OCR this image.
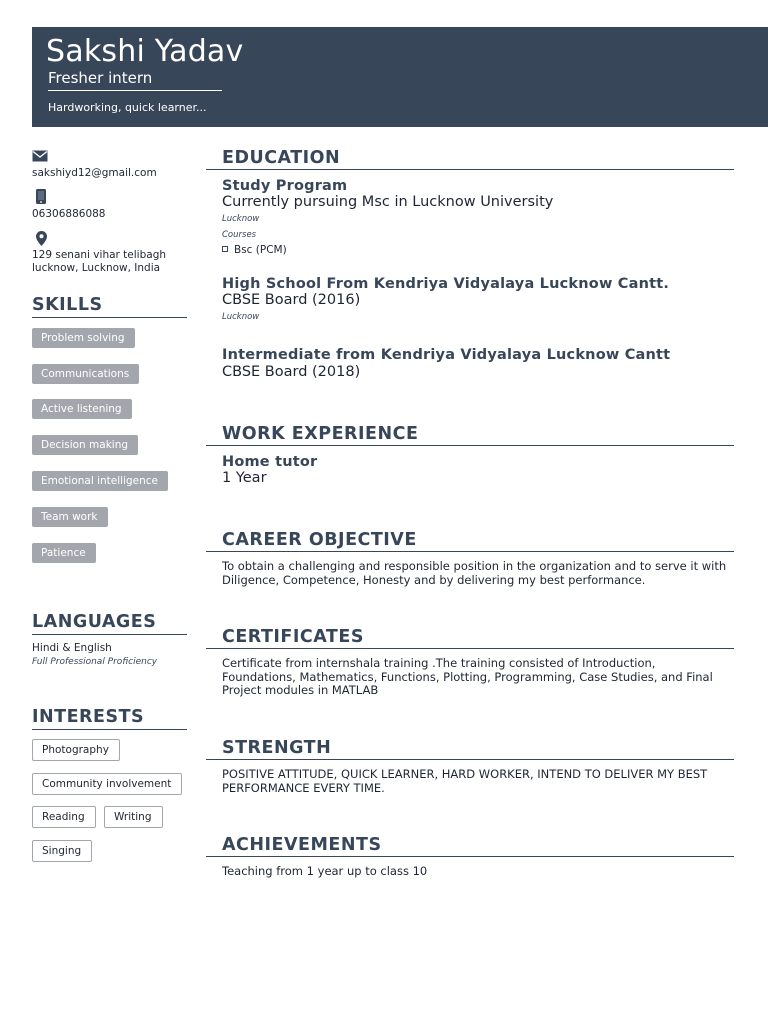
Sakshi Yadav
Fresher intern
Hardworking, quick learner...
sakshiyd12@gmail.com
06306886088
129 senani vihar telibagh
lucknow, Lucknow, India
SKILLS
Problem solving
Communications
Active listening
Decision making
Emotional intelligence
Team work
Patience
LANGUAGES
Hindi & English
Full Professional Proficiency
INTERESTS
Photography
Community involvement
Reading	Writing
Singing
EDUCATION
Study Program
Currently pursuing Msc in Lucknow University
Lucknow
Courses
Bsc (PCM)
High School From Kendriya Vidyalaya Lucknow Cantt.
CBSE Board (2016)
Lucknow
Intermediate from Kendriya Vidyalaya Lucknow Cantt
CBSE Board (2018)
WORK EXPERIENCE
Home tutor
1 Year
CAREER OBJECTIVE
To obtain a challenging and responsible position in the organization and to serve it with Diligence, Competence, Honesty and by delivering my best performance.
CERTIFICATES
Certificate from internshala training .The training consisted of Introduction, Foundations, Mathematics, Functions, Plotting, Programming, Case Studies, and Final Project modules in MATLAB
STRENGTH
POSITIVE ATTITUDE, QUICK LEARNER, HARD WORKER, INTEND TO DELIVER MY BEST PERFORMANCE EVERY TIME.
ACHIEVEMENTS
Teaching from 1 year up to class 10
